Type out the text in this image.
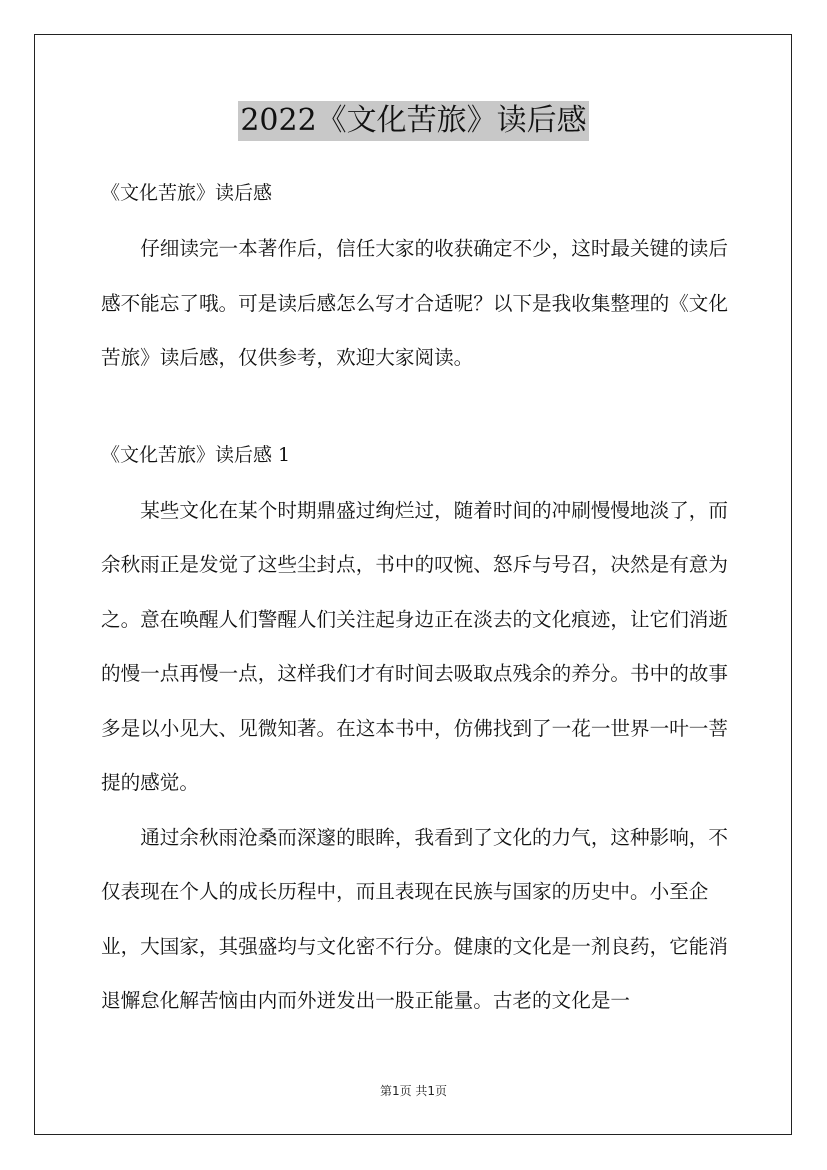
2022《文化苦旅》读后感

《文化苦旅》读后感

仔细读完一本著作后，信任大家的收获确定不少，这时最关键的读后感不能忘了哦。可是读后感怎么写才合适呢？以下是我收集整理的《文化苦旅》读后感，仅供参考，欢迎大家阅读。

《文化苦旅》读后感 1

某些文化在某个时期鼎盛过绚烂过，随着时间的冲刷慢慢地淡了，而余秋雨正是发觉了这些尘封点，书中的叹惋、怒斥与号召，决然是有意为之。意在唤醒人们警醒人们关注起身边正在淡去的文化痕迹，让它们消逝的慢一点再慢一点，这样我们才有时间去吸取点残余的养分。书中的故事多是以小见大、见微知著。在这本书中，仿佛找到了一花一世界一叶一菩提的感觉。

通过余秋雨沧桑而深邃的眼眸，我看到了文化的力气，这种影响，不仅表现在个人的成长历程中，而且表现在民族与国家的历史中。小至企业，大国家，其强盛均与文化密不行分。健康的文化是一剂良药，它能消退懈怠化解苦恼由内而外迸发出一股正能量。古老的文化是一

第1页 共1页
